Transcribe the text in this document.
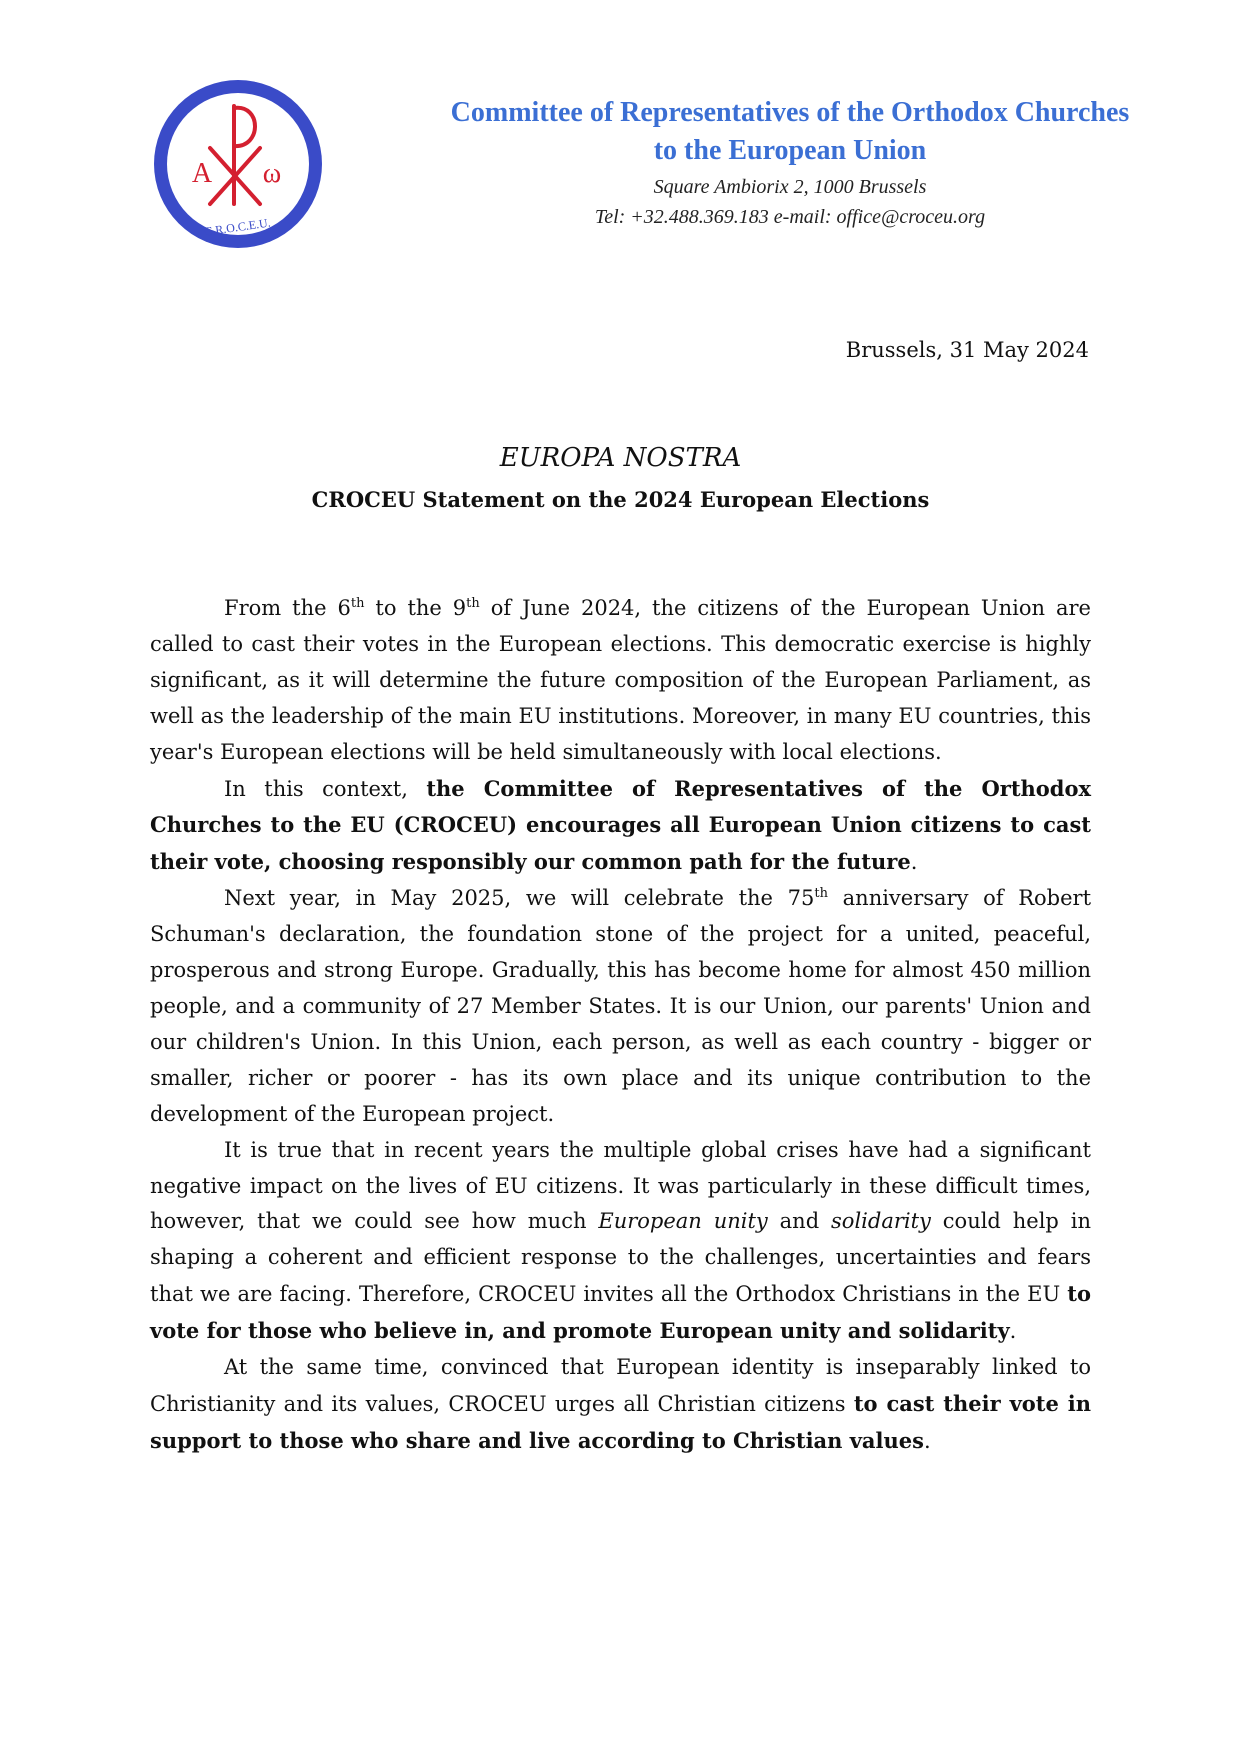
A ω
C.R.O.C.E.U.
Committee of Representatives of the Orthodox Churches
to the European Union
Square Ambiorix 2, 1000 Brussels
Tel: +32.488.369.183 e-mail: office@croceu.org
Brussels, 31 May 2024
EUROPA NOSTRA
CROCEU Statement on the 2024 European Elections

From the 6th to the 9th of June 2024, the citizens of the European Union are called to cast their votes in the European elections. This democratic exercise is highly significant, as it will determine the future composition of the European Parliament, as well as the leadership of the main EU institutions. Moreover, in many EU countries, this year's European elections will be held simultaneously with local elections.

In this context, the Committee of Representatives of the Orthodox Churches to the EU (CROCEU) encourages all European Union citizens to cast their vote, choosing responsibly our common path for the future.

Next year, in May 2025, we will celebrate the 75th anniversary of Robert Schuman's declaration, the foundation stone of the project for a united, peaceful, prosperous and strong Europe. Gradually, this has become home for almost 450 million people, and a community of 27 Member States. It is our Union, our parents' Union and our children's Union. In this Union, each person, as well as each country - bigger or smaller, richer or poorer - has its own place and its unique contribution to the development of the European project.

It is true that in recent years the multiple global crises have had a significant negative impact on the lives of EU citizens. It was particularly in these difficult times, however, that we could see how much European unity and solidarity could help in shaping a coherent and efficient response to the challenges, uncertainties and fears that we are facing. Therefore, CROCEU invites all the Orthodox Christians in the EU to vote for those who believe in, and promote European unity and solidarity.

At the same time, convinced that European identity is inseparably linked to Christianity and its values, CROCEU urges all Christian citizens to cast their vote in support to those who share and live according to Christian values.
